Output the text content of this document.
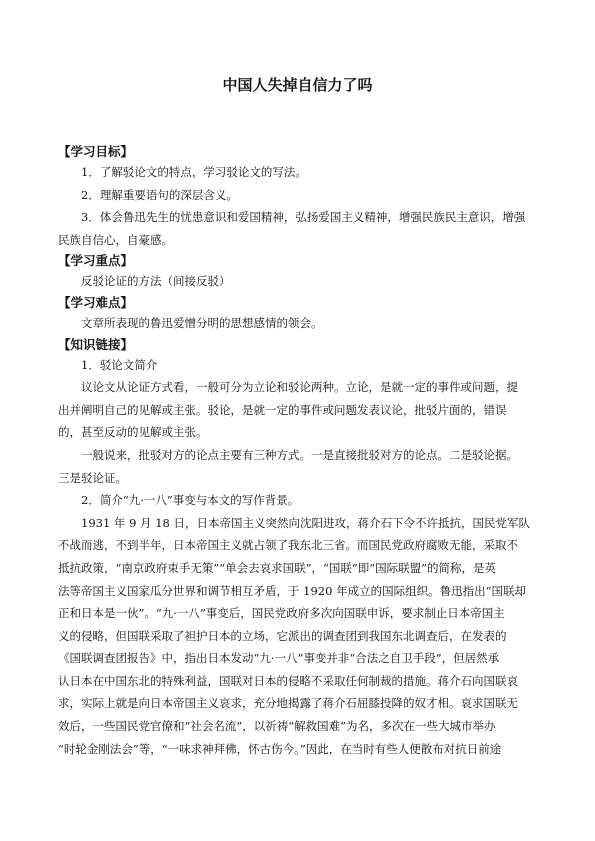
中国人失掉自信力了吗
【学习目标】

1．了解驳论文的特点，学习驳论文的写法。

2．理解重要语句的深层含义。

3．体会鲁迅先生的忧患意识和爱国精神，弘扬爱国主义精神，增强民族民主意识，增强

民族自信心，自豪感。

【学习重点】

反驳论证的方法（间接反驳）

【学习难点】

文章所表现的鲁迅爱憎分明的思想感情的领会。

【知识链接】

1．驳论文简介

议论文从论证方式看，一般可分为立论和驳论两种。立论，是就一定的事件或问题，提

出并阐明自己的见解或主张。驳论，是就一定的事件或问题发表议论，批驳片面的，错误

的，甚至反动的见解或主张。

一般说来，批驳对方的论点主要有三种方式。一是直接批驳对方的论点。二是驳论据。

三是驳论证。

2．简介“九·一八”事变与本文的写作背景。

1931 年 9 月 18 日，日本帝国主义突然向沈阳进攻，蒋介石下令不许抵抗，国民党军队

不战而逃，不到半年，日本帝国主义就占领了我东北三省。而国民党政府腐败无能，采取不

抵抗政策，“南京政府束手无策”“单会去哀求国联”，“国联”即“国际联盟”的简称，是英

法等帝国主义国家瓜分世界和调节相互矛盾，于 1920 年成立的国际组织。鲁迅指出“国联却

正和日本是一伙”。“九·一八”事变后，国民党政府多次向国联申诉，要求制止日本帝国主

义的侵略，但国联采取了袒护日本的立场，它派出的调查团到我国东北调查后，在发表的

《国联调查团报告》中，指出日本发动“九·一八”事变并非“合法之自卫手段”，但居然承

认日本在中国东北的特殊利益，国联对日本的侵略不采取任何制裁的措施。蒋介石向国联哀

求，实际上就是向日本帝国主义哀求，充分地揭露了蒋介石屈膝投降的奴才相。哀求国联无

效后，一些国民党官僚和“社会名流”，以祈祷“解救国难”为名，多次在一些大城市举办

“时轮金刚法会”等，“一味求神拜佛，怀古伤今。”因此，在当时有些人便散布对抗日前途
